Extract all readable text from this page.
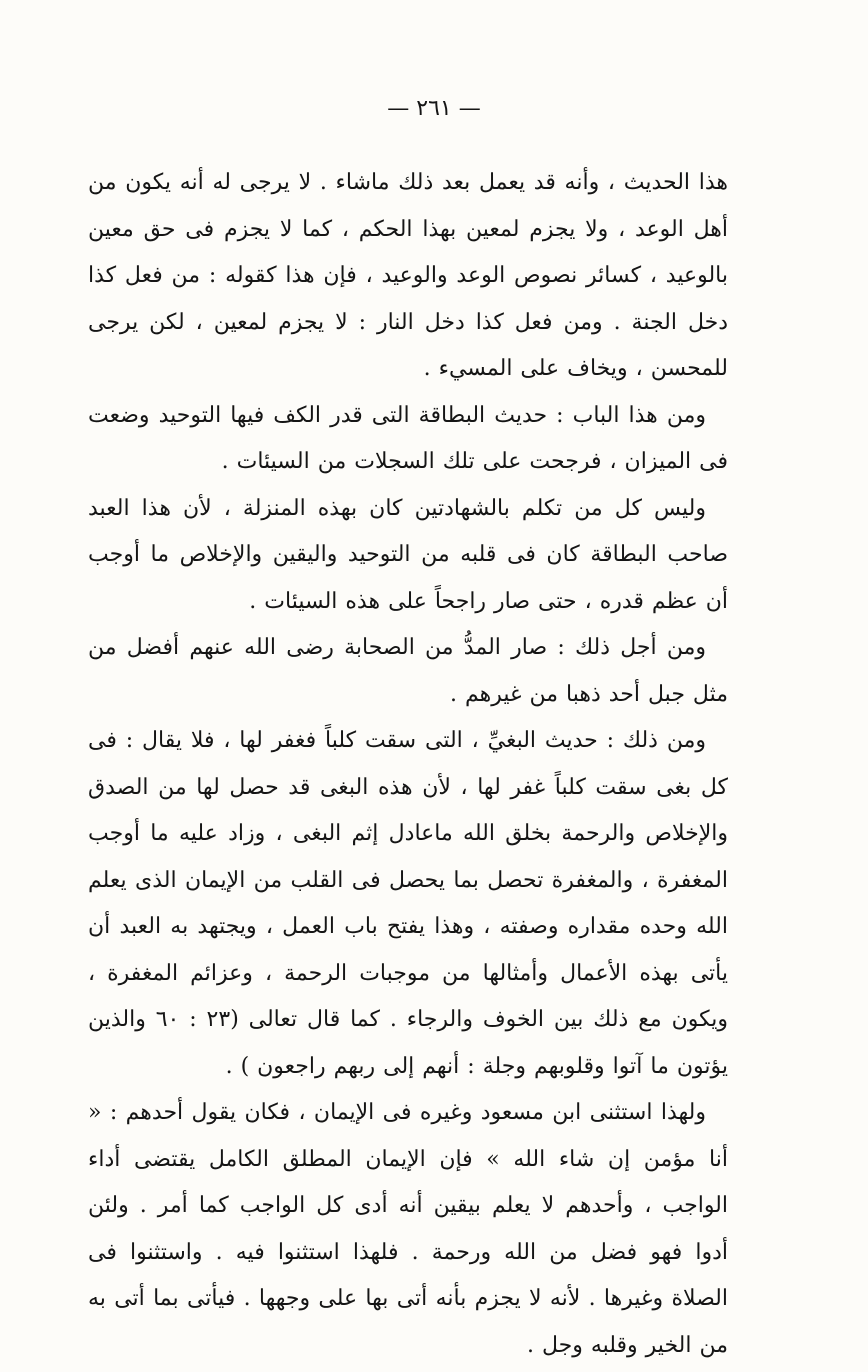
— ٢٦١ —

هذا الحديث ، وأنه قد يعمل بعد ذلك ماشاء . لا يرجى له أنه يكون من أهل الوعد ، ولا يجزم لمعين بهذا الحكم ، كما لا يجزم فى حق معين بالوعيد ، كسائر نصوص الوعد والوعيد ، فإن هذا كقوله : من فعل كذا دخل الجنة . ومن فعل كذا دخل النار : لا يجزم لمعين ، لكن يرجى للمحسن ، ويخاف على المسيء .

ومن هذا الباب : حديث البطاقة التى قدر الكف فيها التوحيد وضعت فى الميزان ، فرجحت على تلك السجلات من السيئات .

وليس كل من تكلم بالشهادتين كان بهذه المنزلة ، لأن هذا العبد صاحب البطاقة كان فى قلبه من التوحيد واليقين والإخلاص ما أوجب أن عظم قدره ، حتى صار راجحاً على هذه السيئات .

ومن أجل ذلك : صار المدُّ من الصحابة رضى الله عنهم أفضل من مثل جبل أحد ذهبا من غيرهم .

ومن ذلك : حديث البغيِّ ، التى سقت كلباً فغفر لها ، فلا يقال : فى كل بغى سقت كلباً غفر لها ، لأن هذه البغى قد حصل لها من الصدق والإخلاص والرحمة بخلق الله ماعادل إثم البغى ، وزاد عليه ما أوجب المغفرة ، والمغفرة تحصل بما يحصل فى القلب من الإيمان الذى يعلم الله وحده مقداره وصفته ، وهذا يفتح باب العمل ، ويجتهد به العبد أن يأتى بهذه الأعمال وأمثالها من موجبات الرحمة ، وعزائم المغفرة ، ويكون مع ذلك بين الخوف والرجاء . كما قال تعالى (٢٣ : ٦٠ والذين يؤتون ما آتوا وقلوبهم وجلة : أنهم إلى ربهم راجعون ) .

ولهذا استثنى ابن مسعود وغيره فى الإيمان ، فكان يقول أحدهم : « أنا مؤمن إن شاء الله » فإن الإيمان المطلق الكامل يقتضى أداء الواجب ، وأحدهم لا يعلم بيقين أنه أدى كل الواجب كما أمر . ولئن أدوا فهو فضل من الله ورحمة . فلهذا استثنوا فيه . واستثنوا فى الصلاة وغيرها . لأنه لا يجزم بأنه أتى بها على وجهها . فيأتى بما أتى به من الخير وقلبه وجل .
